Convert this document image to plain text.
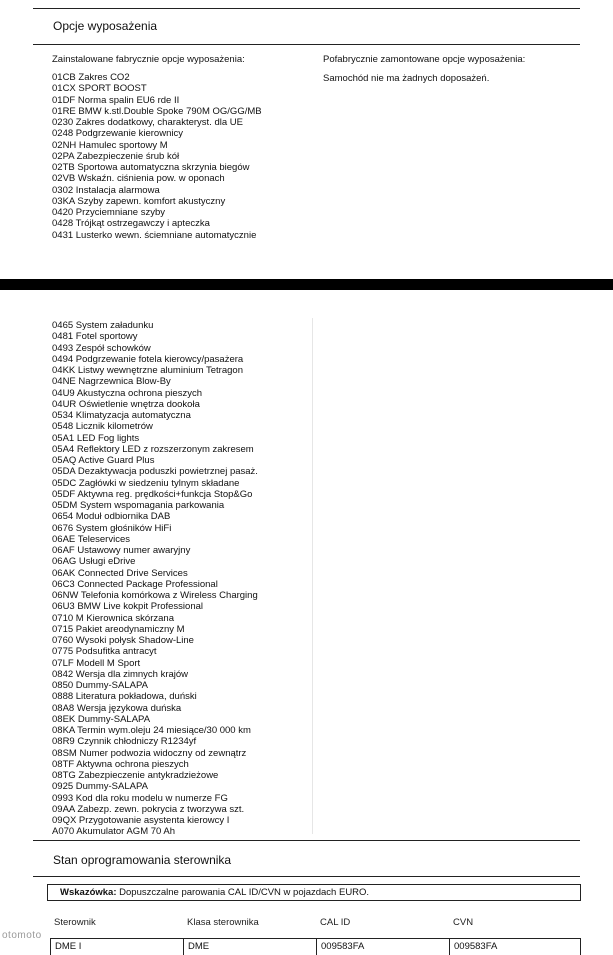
Opcje wyposażenia
Zainstalowane fabrycznie opcje wyposażenia:	Pofabrycznie zamontowane opcje wyposażenia:
Samochód nie ma żadnych doposażeń.
01CB Zakres CO2
01CX SPORT BOOST
01DF Norma spalin EU6 rde II
01RE BMW k.stl.Double Spoke 790M OG/GG/MB
0230 Zakres dodatkowy, charakteryst. dla UE
0248 Podgrzewanie kierownicy
02NH Hamulec sportowy M
02PA Zabezpieczenie śrub kół
02TB Sportowa automatyczna skrzynia biegów
02VB Wskaźn. ciśnienia pow. w oponach
0302 Instalacja alarmowa
03KA Szyby zapewn. komfort akustyczny
0420 Przyciemniane szyby
0428 Trójkąt ostrzegawczy i apteczka
0431 Lusterko wewn. ściemniane automatycznie
0465 System załadunku
0481 Fotel sportowy
0493 Zespół schowków
0494 Podgrzewanie fotela kierowcy/pasażera
04KK Listwy wewnętrzne aluminium Tetragon
04NE Nagrzewnica Blow-By
04U9 Akustyczna ochrona pieszych
04UR Oświetlenie wnętrza dookoła
0534 Klimatyzacja automatyczna
0548 Licznik kilometrów
05A1 LED Fog lights
05A4 Reflektory LED z rozszerzonym zakresem
05AQ Active Guard Plus
05DA Dezaktywacja poduszki powietrznej pasaż.
05DC Zagłówki w siedzeniu tylnym składane
05DF Aktywna reg. prędkości+funkcja Stop&Go
05DM System wspomagania parkowania
0654 Moduł odbiornika DAB
0676 System głośników HiFi
06AE Teleservices
06AF Ustawowy numer awaryjny
06AG Usługi eDrive
06AK Connected Drive Services
06C3 Connected Package Professional
06NW Telefonia komórkowa z Wireless Charging
06U3 BMW Live kokpit Professional
0710 M Kierownica skórzana
0715 Pakiet areodynamiczny M
0760 Wysoki połysk Shadow-Line
0775 Podsufitka antracyt
07LF Modell M Sport
0842 Wersja dla zimnych krajów
0850 Dummy-SALAPA
0888 Literatura pokładowa, duński
08A8 Wersja językowa duńska
08EK Dummy-SALAPA
08KA Termin wym.oleju 24 miesiące/30 000 km
08R9 Czynnik chłodniczy R1234yf
08SM Numer podwozia widoczny od zewnątrz
08TF Aktywna ochrona pieszych
08TG Zabezpieczenie antykradzieżowe
0925 Dummy-SALAPA
0993 Kod dla roku modelu w numerze FG
09AA Zabezp. zewn. pokrycia z tworzywa szt.
09QX Przygotowanie asystenta kierowcy I
A070 Akumulator AGM 70 Ah
Stan oprogramowania sterownika
Wskazówka: Dopuszczalne parowania CAL ID/CVN w pojazdach EURO.
Sterownik	Klasa sterownika	CAL ID	CVN
DME I	DME	009583FA	009583FA
otomoto
